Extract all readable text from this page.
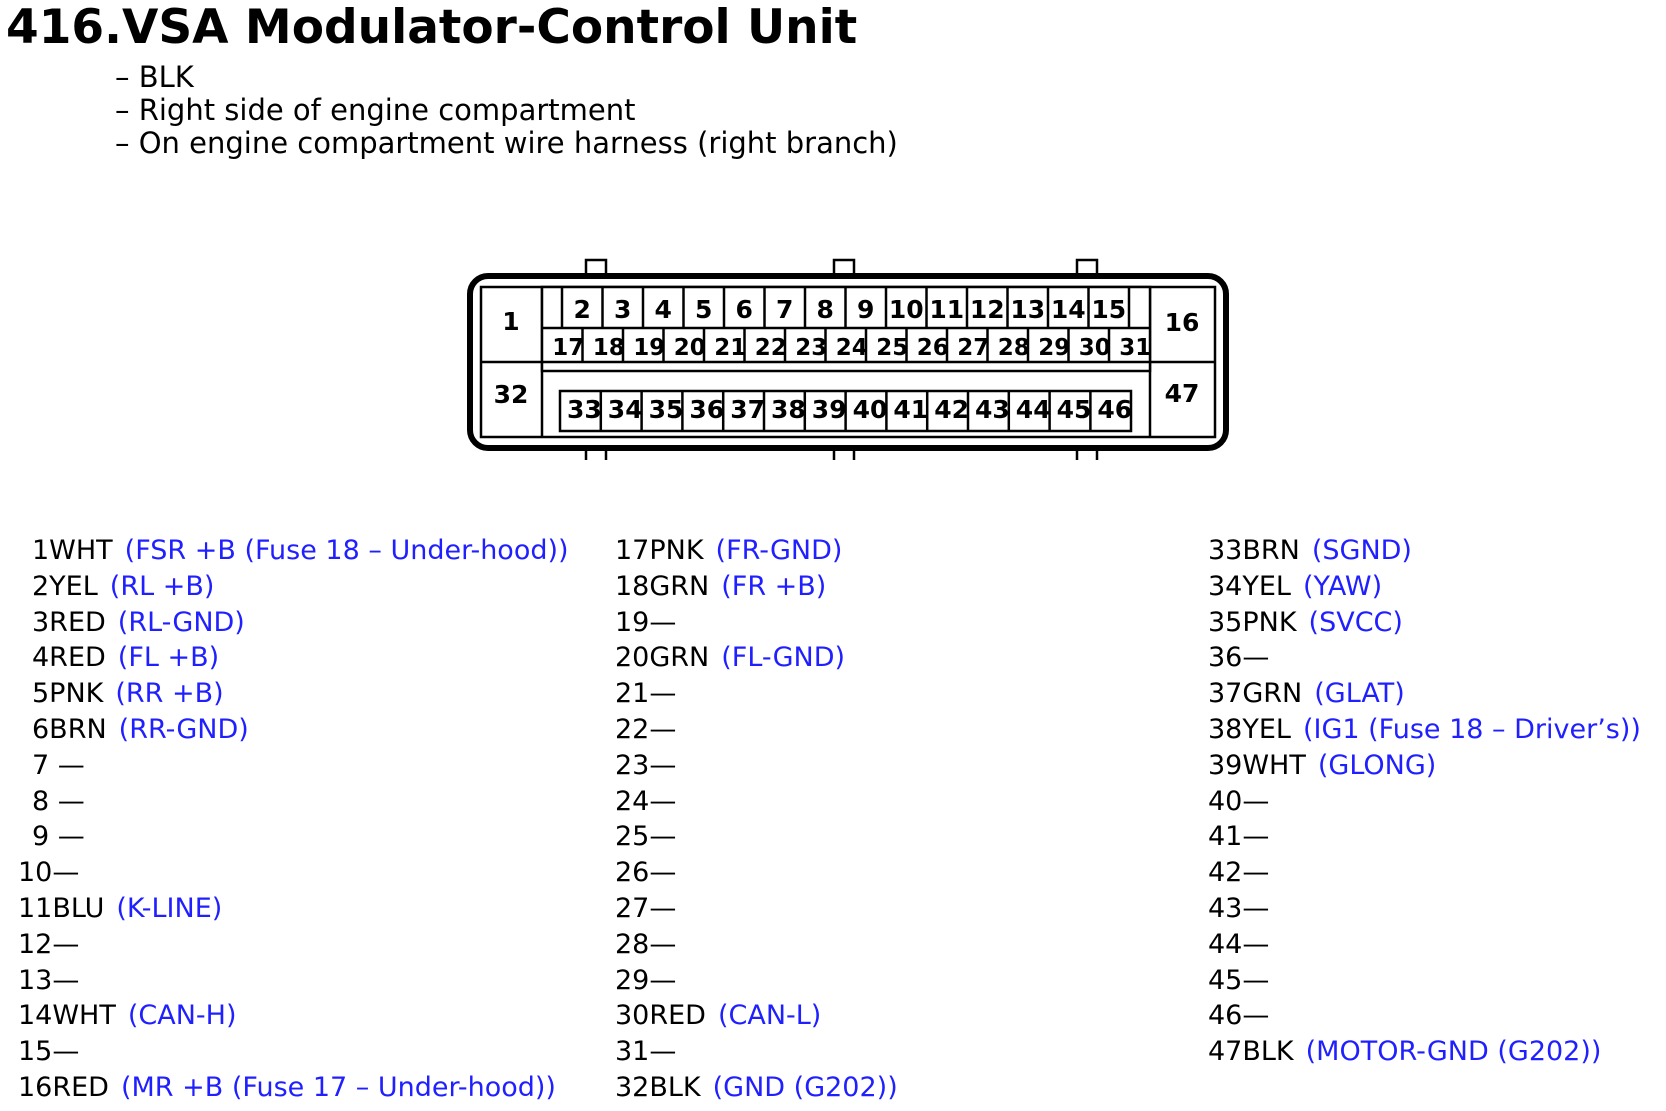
416.VSA Modulator-Control Unit
– BLK
– Right side of engine compartment
– On engine compartment wire harness (right branch)
2 3 4 5 6 7 8 9 10 11 12 13 14 15
17 18 19 20 21 22 23 24 25 26 27 28 29 30 31
33 34 35 36 37 38 39 40 41 42 43 44 45 46
1
32
16
47
1WHT (FSR +B (Fuse 18 – Under-hood))
2YEL (RL +B)
3RED (RL-GND)
4RED (FL +B)
5PNK (RR +B)
6BRN (RR-GND)
7 —
8 —
9 —
10—
11BLU (K-LINE)
12—
13—
14WHT (CAN-H)
15—
16RED (MR +B (Fuse 17 – Under-hood))
17PNK (FR-GND)
18GRN (FR +B)
19—
20GRN (FL-GND)
21—
22—
23—
24—
25—
26—
27—
28—
29—
30RED (CAN-L)
31—
32BLK (GND (G202))
33BRN (SGND)
34YEL (YAW)
35PNK (SVCC)
36—
37GRN (GLAT)
38YEL (IG1 (Fuse 18 – Driver’s))
39WHT (GLONG)
40—
41—
42—
43—
44—
45—
46—
47BLK (MOTOR-GND (G202))
